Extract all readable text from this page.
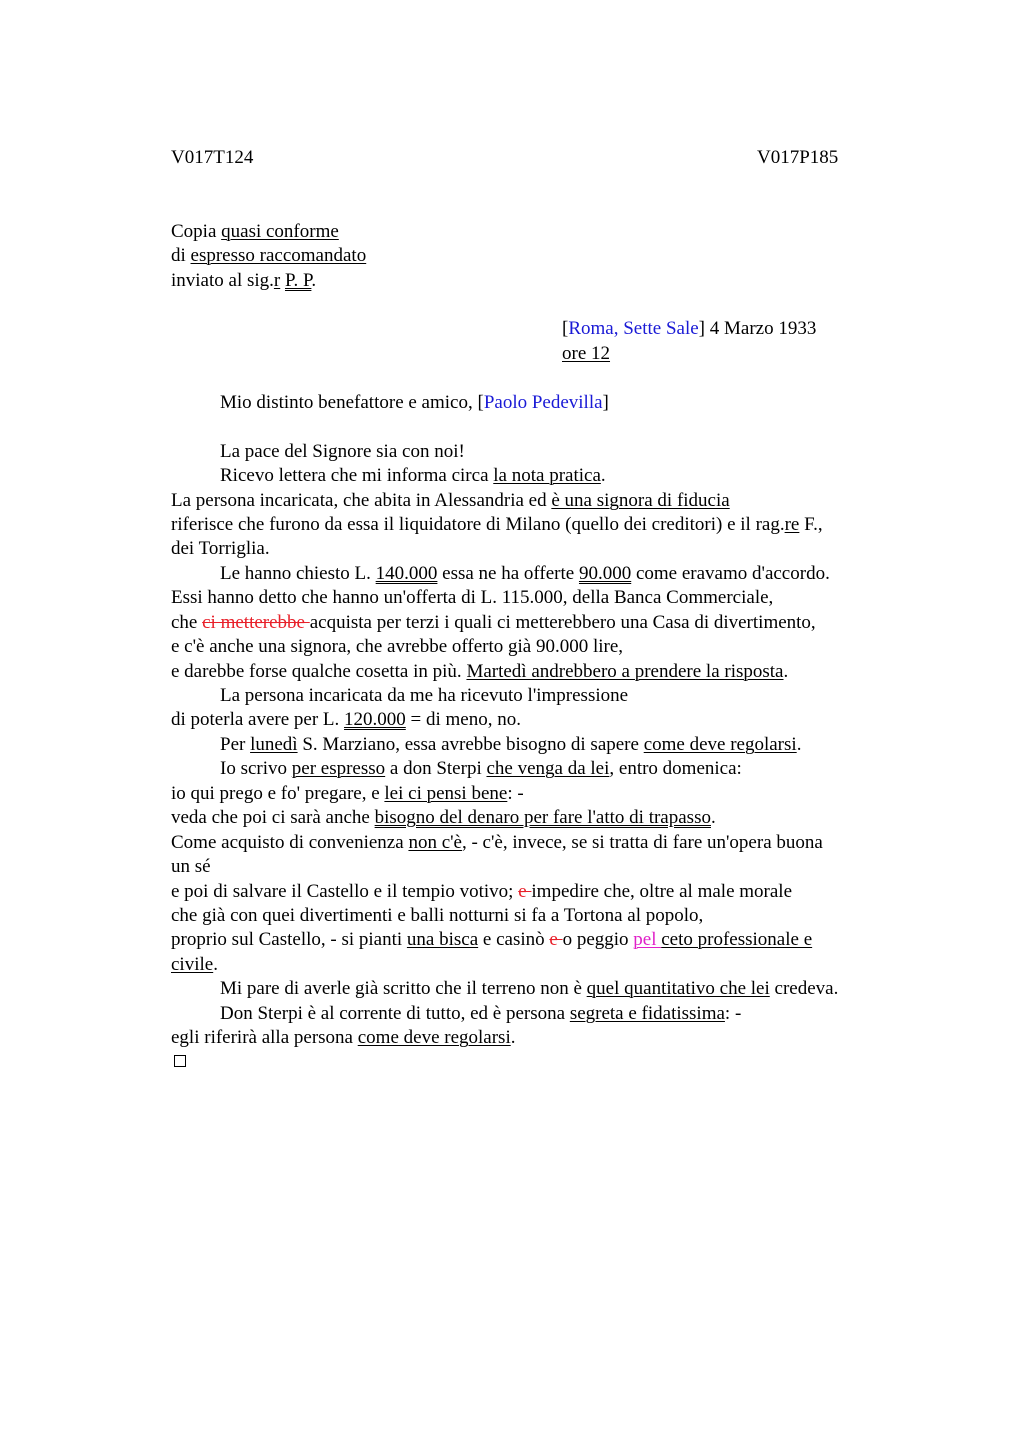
V017T124	V017P185
Copia quasi conforme
di espresso raccomandato
inviato al sig.r P. P.
[Roma, Sette Sale] 4 Marzo 1933
ore 12
Mio distinto benefattore e amico, [Paolo Pedevilla]
La pace del Signore sia con noi!
Ricevo lettera che mi informa circa la nota pratica.
La persona incaricata, che abita in Alessandria ed è una signora di fiducia
riferisce che furono da essa il liquidatore di Milano (quello dei creditori) e il rag.re F.,
dei Torriglia.
Le hanno chiesto L. 140.000 essa ne ha offerte 90.000 come eravamo d'accordo.
Essi hanno detto che hanno un'offerta di L. 115.000, della Banca Commerciale,
che ci metterebbe acquista per terzi i quali ci metterebbero una Casa di divertimento,
e c'è anche una signora, che avrebbe offerto già 90.000 lire,
e darebbe forse qualche cosetta in più. Martedì andrebbero a prendere la risposta.
La persona incaricata da me ha ricevuto l'impressione
di poterla avere per L. 120.000 = di meno, no.
Per lunedì S. Marziano, essa avrebbe bisogno di sapere come deve regolarsi.
Io scrivo per espresso a don Sterpi che venga da lei, entro domenica:
io qui prego e fo' pregare, e lei ci pensi bene: -
veda che poi ci sarà anche bisogno del denaro per fare l'atto di trapasso.
Come acquisto di convenienza non c'è, - c'è, invece, se si tratta di fare un'opera buona
un sé
e poi di salvare il Castello e il tempio votivo; e impedire che, oltre al male morale
che già con quei divertimenti e balli notturni si fa a Tortona al popolo,
proprio sul Castello, - si pianti una bisca e casinò e o peggio pel ceto professionale e
civile.
Mi pare di averle già scritto che il terreno non è quel quantitativo che lei credeva.
Don Sterpi è al corrente di tutto, ed è persona segreta e fidatissima: -
egli riferirà alla persona come deve regolarsi.
